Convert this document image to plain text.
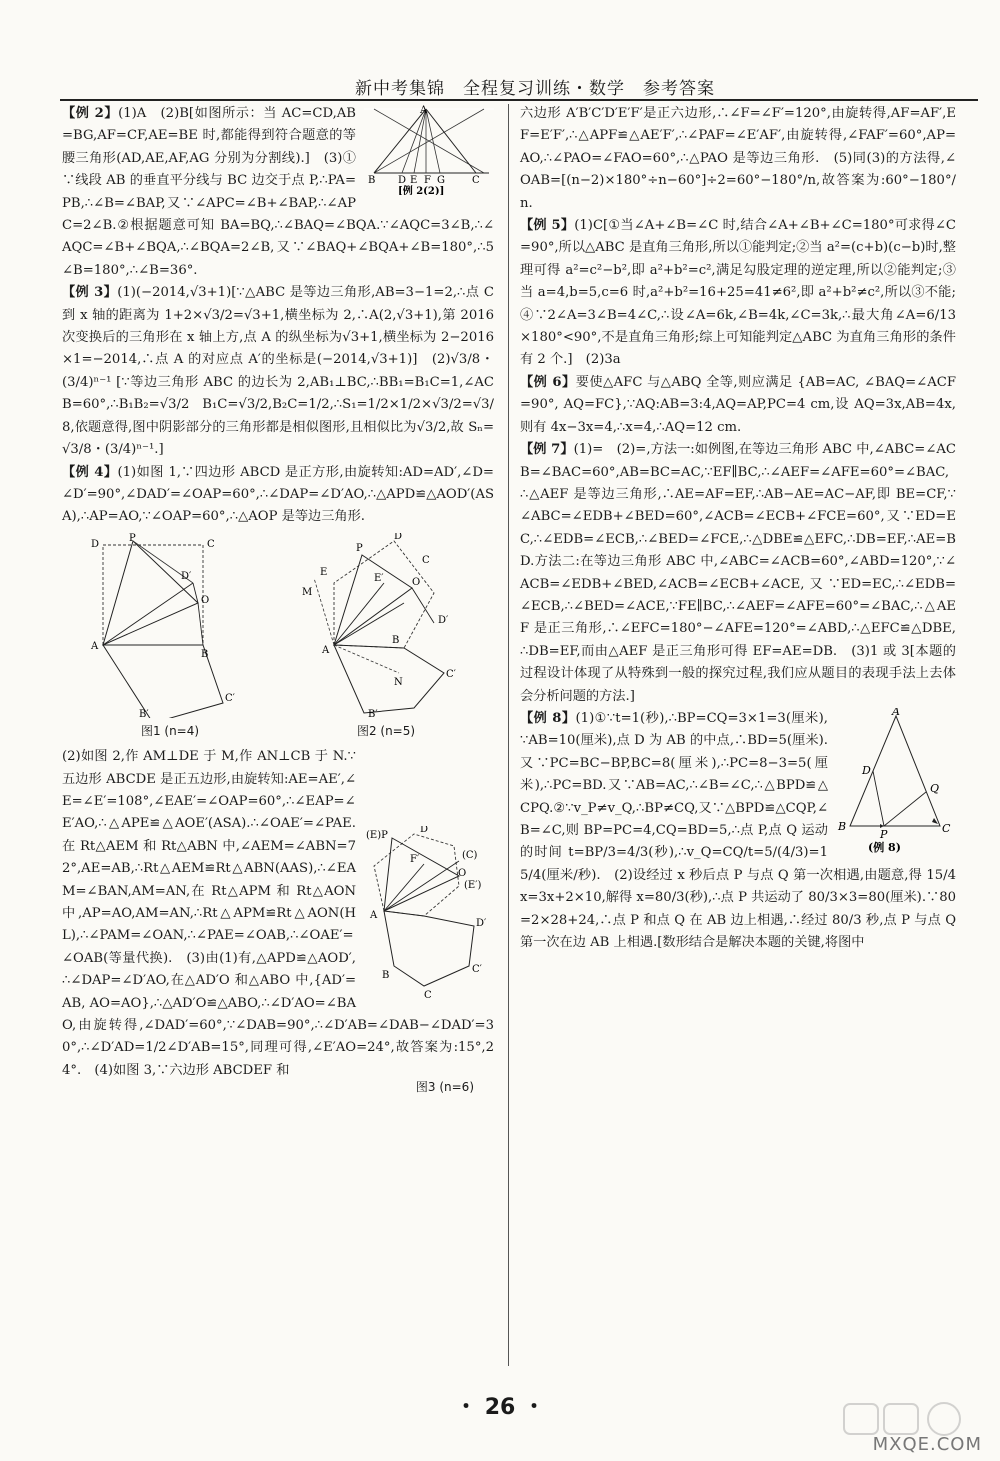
新中考集锦　全程复习训练・数学　参考答案
A
B D E F G	C
[例 2(2)]

【例 2】(1)A　(2)B[如图所示：当 AC=CD,AB=BG,AF=CF,AE=BE 时,都能得到符合题意的等腰三角形(AD,AE,AF,AG 分别为分割线).]　(3)①∵线段 AB 的垂直平分线与 BC 边交于点 P,∴PA=PB,∴∠B=∠BAP,又∵∠APC=∠B+∠BAP,∴∠APC=2∠B.②根据题意可知 BA=BQ,∴∠BAQ=∠BQA.∵∠AQC=3∠B,∴∠AQC=∠B+∠BQA,∴∠BQA=2∠B,又∵∠BAQ+∠BQA+∠B=180°,∴5∠B=180°,∴∠B=36°.

【例 3】(1)(−2014,√3+1)[∵△ABC 是等边三角形,AB=3−1=2,∴点 C 到 x 轴的距离为 1+2×√3/2=√3+1,横坐标为 2,∴A(2,√3+1),第 2016 次变换后的三角形在 x 轴上方,点 A 的纵坐标为√3+1,横坐标为 2−2016×1=−2014,∴点 A 的对应点 A′的坐标是(−2014,√3+1)]　(2)√3/8・(3/4)ⁿ⁻¹ [∵等边三角形 ABC 的边长为 2,AB₁⊥BC,∴BB₁=B₁C=1,∠ACB=60°,∴B₁B₂=√3/2 B₁C=√3/2,B₂C=1/2,∴S₁=1/2×1/2×√3/2=√3/8,依题意得,图中阴影部分的三角形都是相似图形,且相似比为√3/2,故 Sₙ=√3/8・(3/4)ⁿ⁻¹.]

【例 4】(1)如图 1,∵四边形 ABCD 是正方形,由旋转知:AD=AD′,∠D=∠D′=90°,∠DAD′=∠OAP=60°,∴∠DAP=∠D′AO,∴△APD≌△AOD′(ASA),∴AP=AO,∵∠OAP=60°,∴△AOP 是等边三角形.

D
P
C
D′
O
A
B
C′
B′
P
D
E
M
E′	O
D′
A
C
B
N
C′
B′
图1 (n=4)	图2 (n=5)
(E)P
D
F′	(C)
O
(E′)
D′
A
C′
B
C

(2)如图 2,作 AM⊥DE 于 M,作 AN⊥CB 于 N.∵五边形 ABCDE 是正五边形,由旋转知:AE=AE′,∠E=∠E′=108°,∠EAE′=∠OAP=60°,∴∠EAP=∠E′AO,∴△APE≌△AOE′(ASA).∴∠OAE′=∠PAE.在 Rt△AEM 和 Rt△ABN 中,∠AEM=∠ABN=72°,AE=AB,∴Rt△AEM≌Rt△ABN(AAS),∴∠EAM=∠BAN,AM=AN,在 Rt△APM 和 Rt△AON 中,AP=AO,AM=AN,∴Rt△APM≌Rt△AON(HL),∴∠PAM=∠OAN,∴∠PAE=∠OAB,∴∠OAE′=∠OAB(等量代换).　(3)由(1)有,△APD≌△AOD′,∴∠DAP=∠D′AO,在△AD′O 和△ABO 中,{AD′=AB, AO=AO},∴△AD′O≌△ABO,∴∠D′AO=∠BAO,由旋转得,∠DAD′=60°,∵∠DAB=90°,∴∠D′AB=∠DAB−∠DAD′=30°,∴∠D′AD=1/2∠D′AB=15°,同理可得,∠E′AO=24°,故答案为:15°,24°.　(4)如图 3,∵六边形 ABCDEF 和

图3 (n=6)

六边形 A′B′C′D′E′F′是正六边形,∴∠F=∠F′=120°,由旋转得,AF=AF′,EF=E′F′,∴△APF≌△AE′F′,∴∠PAF=∠E′AF′,由旋转得,∠FAF′=60°,AP=AO,∴∠PAO=∠FAO=60°,∴△PAO 是等边三角形.　(5)同(3)的方法得,∠OAB=[(n−2)×180°÷n−60°]÷2=60°−180°/n,故答案为:60°−180°/n.

【例 5】(1)C[①当∠A+∠B=∠C 时,结合∠A+∠B+∠C=180°可求得∠C=90°,所以△ABC 是直角三角形,所以①能判定;②当 a²=(c+b)(c−b)时,整理可得 a²=c²−b²,即 a²+b²=c²,满足勾股定理的逆定理,所以②能判定;③当 a=4,b=5,c=6 时,a²+b²=16+25=41≠6²,即 a²+b²≠c²,所以③不能;④∵2∠A=3∠B=4∠C,∴设∠A=6k,∠B=4k,∠C=3k,∴最大角∠A=6/13×180°<90°,不是直角三角形;综上可知能判定△ABC 为直角三角形的条件有 2 个.]　(2)3a

【例 6】要使△AFC 与△ABQ 全等,则应满足 {AB=AC, ∠BAQ=∠ACF=90°, AQ=FC},∵AQ:AB=3:4,AQ=AP,PC=4 cm,设 AQ=3x,AB=4x,则有 4x−3x=4,∴x=4,∴AQ=12 cm.

【例 7】(1)=　(2)=,方法一:如例图,在等边三角形 ABC 中,∠ABC=∠ACB=∠BAC=60°,AB=BC=AC,∵EF∥BC,∴∠AEF=∠AFE=60°=∠BAC,∴△AEF 是等边三角形,∴AE=AF=EF,∴AB−AE=AC−AF,即 BE=CF,∵∠ABC=∠EDB+∠BED=60°,∠ACB=∠ECB+∠FCE=60°,又∵ED=EC,∴∠EDB=∠ECB,∴∠BED=∠FCE,∴△DBE≌△EFC,∴DB=EF,∴AE=BD.方法二:在等边三角形 ABC 中,∠ABC=∠ACB=60°,∠ABD=120°,∵∠ACB=∠EDB+∠BED,∠ACB=∠ECB+∠ACE,又∵ED=EC,∴∠EDB=∠ECB,∴∠BED=∠ACE,∵FE∥BC,∴∠AEF=∠AFE=60°=∠BAC,∴△AEF 是正三角形,∴∠EFC=180°−∠AFE=120°=∠ABD,∴△EFC≌△DBE,∴DB=EF,而由△AEF 是正三角形可得 EF=AE=DB.　(3)1 或 3[本题的过程设计体现了从特殊到一般的探究过程,我们应从题目的表现手法上去体会分析问题的方法.]

A
D
Q
B
P	C
(例 8)

【例 8】(1)①∵t=1(秒),∴BP=CQ=3×1=3(厘米),∵AB=10(厘米),点 D 为 AB 的中点,∴BD=5(厘米).又∵PC=BC−BP,BC=8(厘米),∴PC=8−3=5(厘米),∴PC=BD.又∵AB=AC,∴∠B=∠C,∴△BPD≌△CPQ.②∵v_P≠v_Q,∴BP≠CQ,又∵△BPD≌△CQP,∠B=∠C,则 BP=PC=4,CQ=BD=5,∴点 P,点 Q 运动的时间 t=BP/3=4/3(秒),∴v_Q=CQ/t=5/(4/3)=15/4(厘米/秒).　(2)设经过 x 秒后点 P 与点 Q 第一次相遇,由题意,得 15/4 x=3x+2×10,解得 x=80/3(秒),∴点 P 共运动了 80/3×3=80(厘米).∵80=2×28+24,∴点 P 和点 Q 在 AB 边上相遇,∴经过 80/3 秒,点 P 与点 Q 第一次在边 AB 上相遇.[数形结合是解决本题的关键,将图中

・ 26 ・
MXQE.COM
